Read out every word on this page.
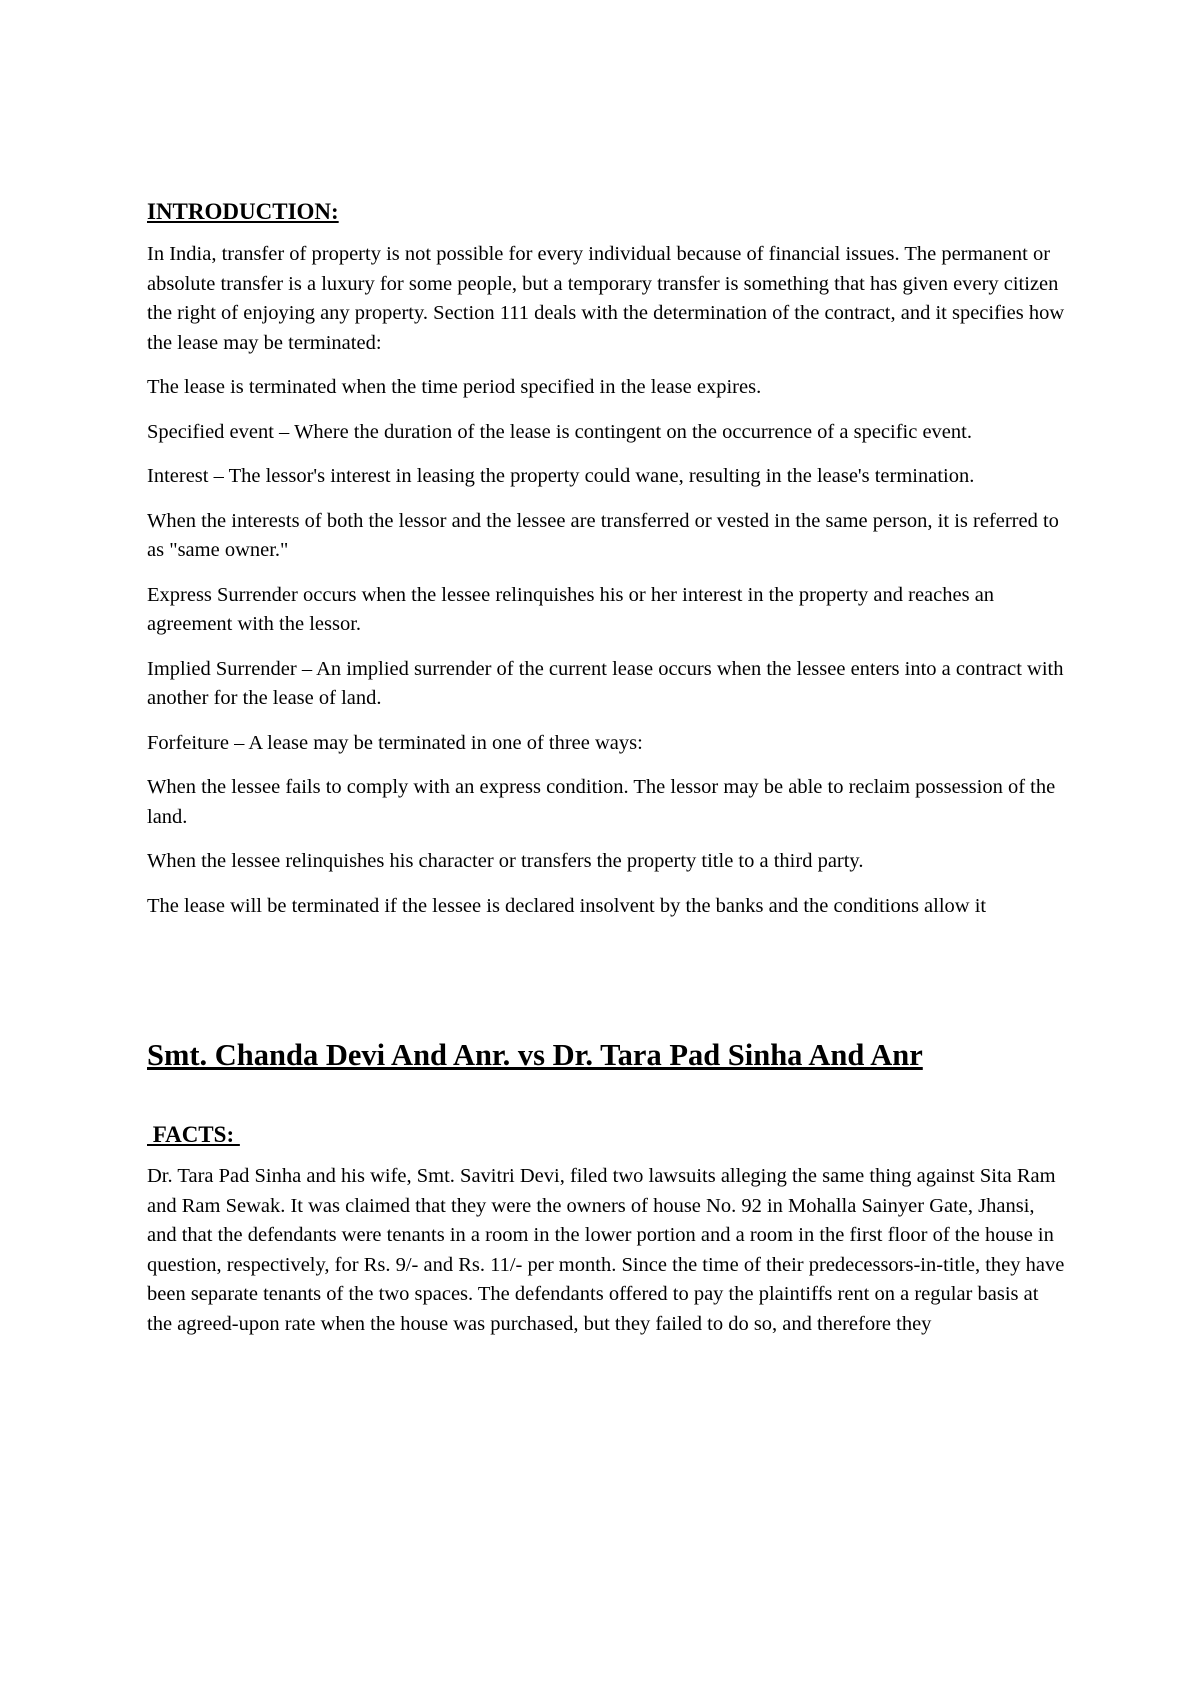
INTRODUCTION:

In India, transfer of property is not possible for every individual because of financial issues. The permanent or absolute transfer is a luxury for some people, but a temporary transfer is something that has given every citizen the right of enjoying any property. Section 111 deals with the determination of the contract, and it specifies how the lease may be terminated:

The lease is terminated when the time period specified in the lease expires.

Specified event – Where the duration of the lease is contingent on the occurrence of a specific event.

Interest – The lessor's interest in leasing the property could wane, resulting in the lease's termination.

When the interests of both the lessor and the lessee are transferred or vested in the same person, it is referred to as "same owner."

Express Surrender occurs when the lessee relinquishes his or her interest in the property and reaches an agreement with the lessor.

Implied Surrender – An implied surrender of the current lease occurs when the lessee enters into a contract with another for the lease of land.

Forfeiture – A lease may be terminated in one of three ways:

When the lessee fails to comply with an express condition. The lessor may be able to reclaim possession of the land.

When the lessee relinquishes his character or transfers the property title to a third party.

The lease will be terminated if the lessee is declared insolvent by the banks and the conditions allow it

Smt. Chanda Devi And Anr. vs Dr. Tara Pad Sinha And Anr
FACTS:

Dr. Tara Pad Sinha and his wife, Smt. Savitri Devi, filed two lawsuits alleging the same thing against Sita Ram and Ram Sewak. It was claimed that they were the owners of house No. 92 in Mohalla Sainyer Gate, Jhansi, and that the defendants were tenants in a room in the lower portion and a room in the first floor of the house in question, respectively, for Rs. 9/- and Rs. 11/- per month. Since the time of their predecessors-in-title, they have been separate tenants of the two spaces. The defendants offered to pay the plaintiffs rent on a regular basis at the agreed-upon rate when the house was purchased, but they failed to do so, and therefore they
